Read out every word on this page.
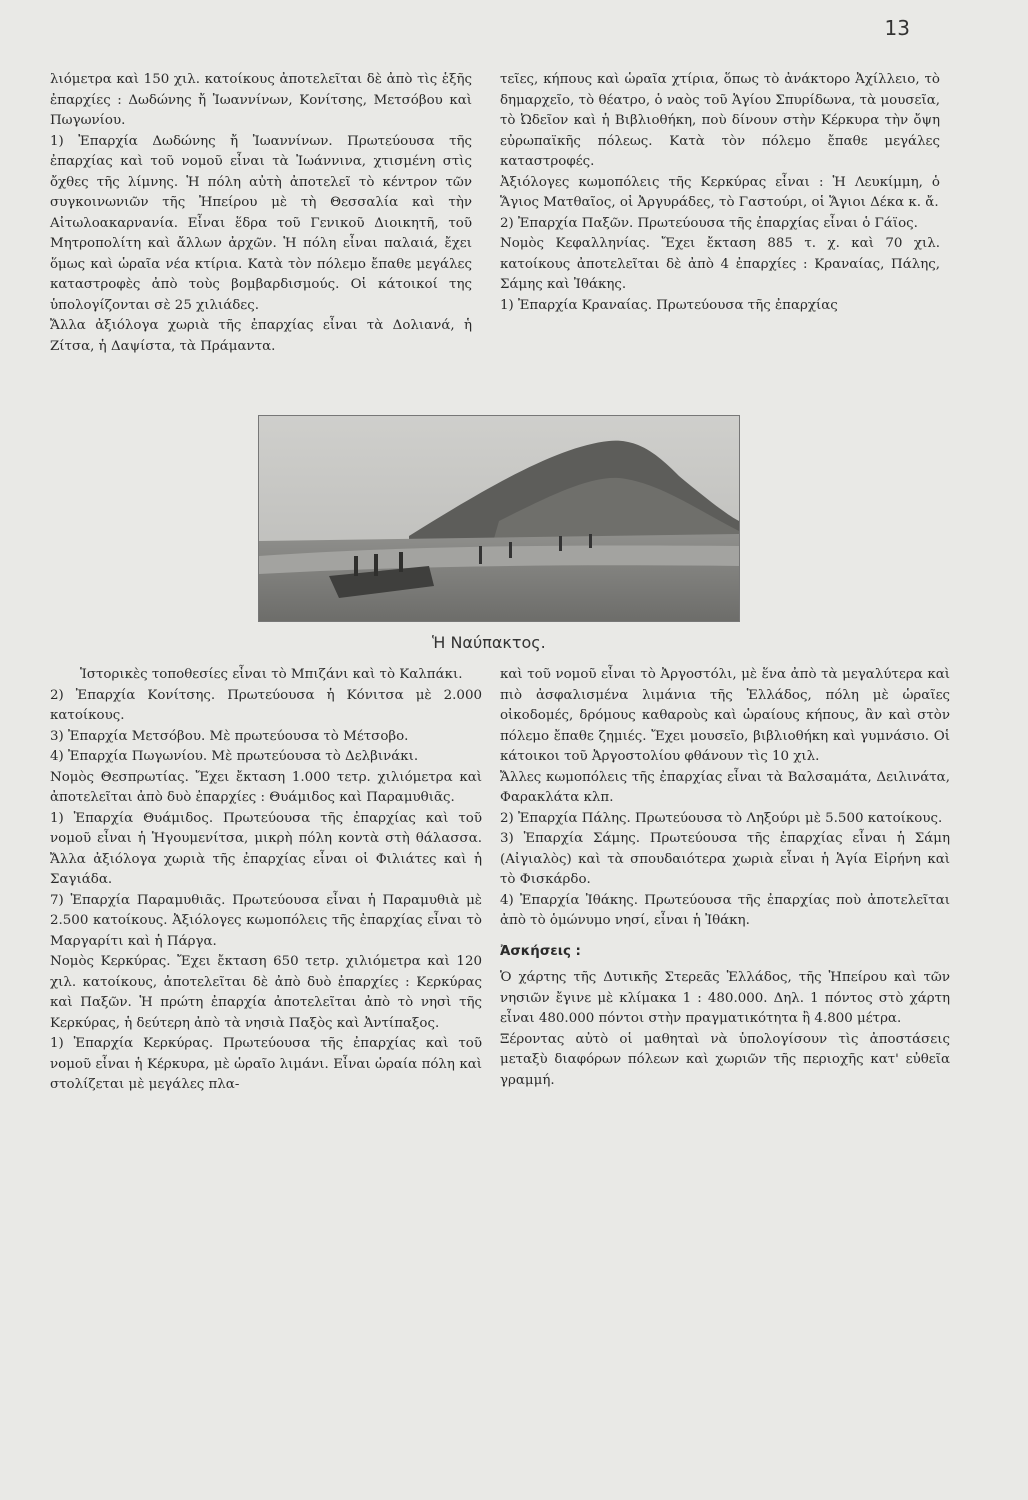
13

λιόμετρα καὶ 150 χιλ. κατοίκους ἀποτελεῖται δὲ ἀπὸ τὶς ἑξῆς ἐπαρχίες : Δωδώνης ἤ Ἰωαννίνων, Κονίτσης, Μετσόβου καὶ Πωγωνίου.

1) Ἐπαρχία Δωδώνης ἤ Ἰωαννίνων. Πρωτεύουσα τῆς ἐπαρχίας καὶ τοῦ νομοῦ εἶναι τὰ Ἰωάννινα, χτισμένη στὶς ὄχθες τῆς λίμνης. Ἡ πόλη αὐτὴ ἀποτελεῖ τὸ κέντρον τῶν συγκοινωνιῶν τῆς Ἠπείρου μὲ τὴ Θεσσαλία καὶ τὴν Αἰτωλοακαρνανία. Εἶναι ἕδρα τοῦ Γενικοῦ Διοικητῆ, τοῦ Μητροπολίτη καὶ ἄλλων ἀρχῶν. Ἡ πόλη εἶναι παλαιά, ἔχει ὅμως καὶ ὡραῖα νέα κτίρια. Κατὰ τὸν πόλεμο ἔπαθε μεγάλες καταστροφὲς ἀπὸ τοὺς βομβαρδισμούς. Οἱ κάτοικοί της ὑπολογίζονται σὲ 25 χιλιάδες.

Ἄλλα ἀξιόλογα χωριὰ τῆς ἐπαρχίας εἶναι τὰ Δολιανά, ἡ Ζίτσα, ἡ Δαψίστα, τὰ Πράμαντα.

τεῖες, κήπους καὶ ὡραῖα χτίρια, ὅπως τὸ ἀνάκτορο Ἀχίλλειο, τὸ δημαρχεῖο, τὸ θέατρο, ὁ ναὸς τοῦ Ἁγίου Σπυρίδωνα, τὰ μουσεῖα, τὸ Ὠδεῖον καὶ ἡ Βιβλιοθήκη, ποὺ δίνουν στὴν Κέρκυρα τὴν ὄψη εὐρωπαϊκῆς πόλεως. Κατὰ τὸν πόλεμο ἔπαθε μεγάλες καταστροφές.

Ἀξιόλογες κωμοπόλεις τῆς Κερκύρας εἶναι : Ἡ Λευκίμμη, ὁ Ἅγιος Ματθαῖος, οἱ Ἀργυράδες, τὸ Γαστούρι, οἱ Ἅγιοι Δέκα κ. ἄ.

2) Ἐπαρχία Παξῶν. Πρωτεύουσα τῆς ἐπαρχίας εἶναι ὁ Γάϊος.

Νομὸς Κεφαλληνίας. Ἔχει ἔκταση 885 τ. χ. καὶ 70 χιλ. κατοίκους ἀποτελεῖται δὲ ἀπὸ 4 ἐπαρχίες : Κραναίας, Πάλης, Σάμης καὶ Ἰθάκης.

1) Ἐπαρχία Κραναίας. Πρωτεύουσα τῆς ἐπαρχίας

Ἡ Ναύπακτος.

Ἱστορικὲς τοποθεσίες εἶναι τὸ Μπιζάνι καὶ τὸ Καλπάκι.

2) Ἐπαρχία Κονίτσης. Πρωτεύουσα ἡ Κόνιτσα μὲ 2.000 κατοίκους.

3) Ἐπαρχία Μετσόβου. Μὲ πρωτεύουσα τὸ Μέτσοβο.

4) Ἐπαρχία Πωγωνίου. Μὲ πρωτεύουσα τὸ Δελβινάκι.

Νομὸς Θεσπρωτίας. Ἔχει ἔκταση 1.000 τετρ. χιλιόμετρα καὶ ἀποτελεῖται ἀπὸ δυὸ ἐπαρχίες : Θυάμιδος καὶ Παραμυθιᾶς.

1) Ἐπαρχία Θυάμιδος. Πρωτεύουσα τῆς ἐπαρχίας καὶ τοῦ νομοῦ εἶναι ἡ Ἡγουμενίτσα, μικρὴ πόλη κοντὰ στὴ θάλασσα. Ἄλλα ἀξιόλογα χωριὰ τῆς ἐπαρχίας εἶναι οἱ Φιλιάτες καὶ ἡ Σαγιάδα.

7) Ἐπαρχία Παραμυθιᾶς. Πρωτεύουσα εἶναι ἡ Παραμυθιὰ μὲ 2.500 κατοίκους. Ἀξιόλογες κωμοπόλεις τῆς ἐπαρχίας εἶναι τὸ Μαργαρίτι καὶ ἡ Πάργα.

Νομὸς Κερκύρας. Ἔχει ἔκταση 650 τετρ. χιλιόμετρα καὶ 120 χιλ. κατοίκους, ἀποτελεῖται δὲ ἀπὸ δυὸ ἐπαρχίες : Κερκύρας καὶ Παξῶν. Ἡ πρώτη ἐπαρχία ἀποτελεῖται ἀπὸ τὸ νησὶ τῆς Κερκύρας, ἡ δεύτερη ἀπὸ τὰ νησιὰ Παξὸς καὶ Ἀντίπαξος.

1) Ἐπαρχία Κερκύρας. Πρωτεύουσα τῆς ἐπαρχίας καὶ τοῦ νομοῦ εἶναι ἡ Κέρκυρα, μὲ ὡραῖο λιμάνι. Εἶναι ὡραία πόλη καὶ στολίζεται μὲ μεγάλες πλα-

καὶ τοῦ νομοῦ εἶναι τὸ Ἀργοστόλι, μὲ ἕνα ἀπὸ τὰ μεγαλύτερα καὶ πιὸ ἀσφαλισμένα λιμάνια τῆς Ἑλλάδος, πόλη μὲ ὡραῖες οἰκοδομές, δρόμους καθαροὺς καὶ ὡραίους κήπους, ἂν καὶ στὸν πόλεμο ἔπαθε ζημιές. Ἔχει μουσεῖο, βιβλιοθήκη καὶ γυμνάσιο. Οἱ κάτοικοι τοῦ Ἀργοστολίου φθάνουν τὶς 10 χιλ.

Ἄλλες κωμοπόλεις τῆς ἐπαρχίας εἶναι τὰ Βαλσαμάτα, Δειλινάτα, Φαρακλάτα κλπ.

2) Ἐπαρχία Πάλης. Πρωτεύουσα τὸ Ληξούρι μὲ 5.500 κατοίκους.

3) Ἐπαρχία Σάμης. Πρωτεύουσα τῆς ἐπαρχίας εἶναι ἡ Σάμη (Αἰγιαλὸς) καὶ τὰ σπουδαιότερα χωριὰ εἶναι ἡ Ἁγία Εἰρήνη καὶ τὸ Φισκάρδο.

4) Ἐπαρχία Ἰθάκης. Πρωτεύουσα τῆς ἐπαρχίας ποὺ ἀποτελεῖται ἀπὸ τὸ ὁμώνυμο νησί, εἶναι ἡ Ἰθάκη.

Ἀσκήσεις :

Ὁ χάρτης τῆς Δυτικῆς Στερεᾶς Ἑλλάδος, τῆς Ἠπείρου καὶ τῶν νησιῶν ἔγινε μὲ κλίμακα 1 : 480.000. Δηλ. 1 πόντος στὸ χάρτη εἶναι 480.000 πόντοι στὴν πραγματικότητα ἢ 4.800 μέτρα.

Ξέροντας αὐτὸ οἱ μαθηταὶ νὰ ὑπολογίσουν τὶς ἀποστάσεις μεταξὺ διαφόρων πόλεων καὶ χωριῶν τῆς περιοχῆς κατ' εὐθεῖα γραμμή.
